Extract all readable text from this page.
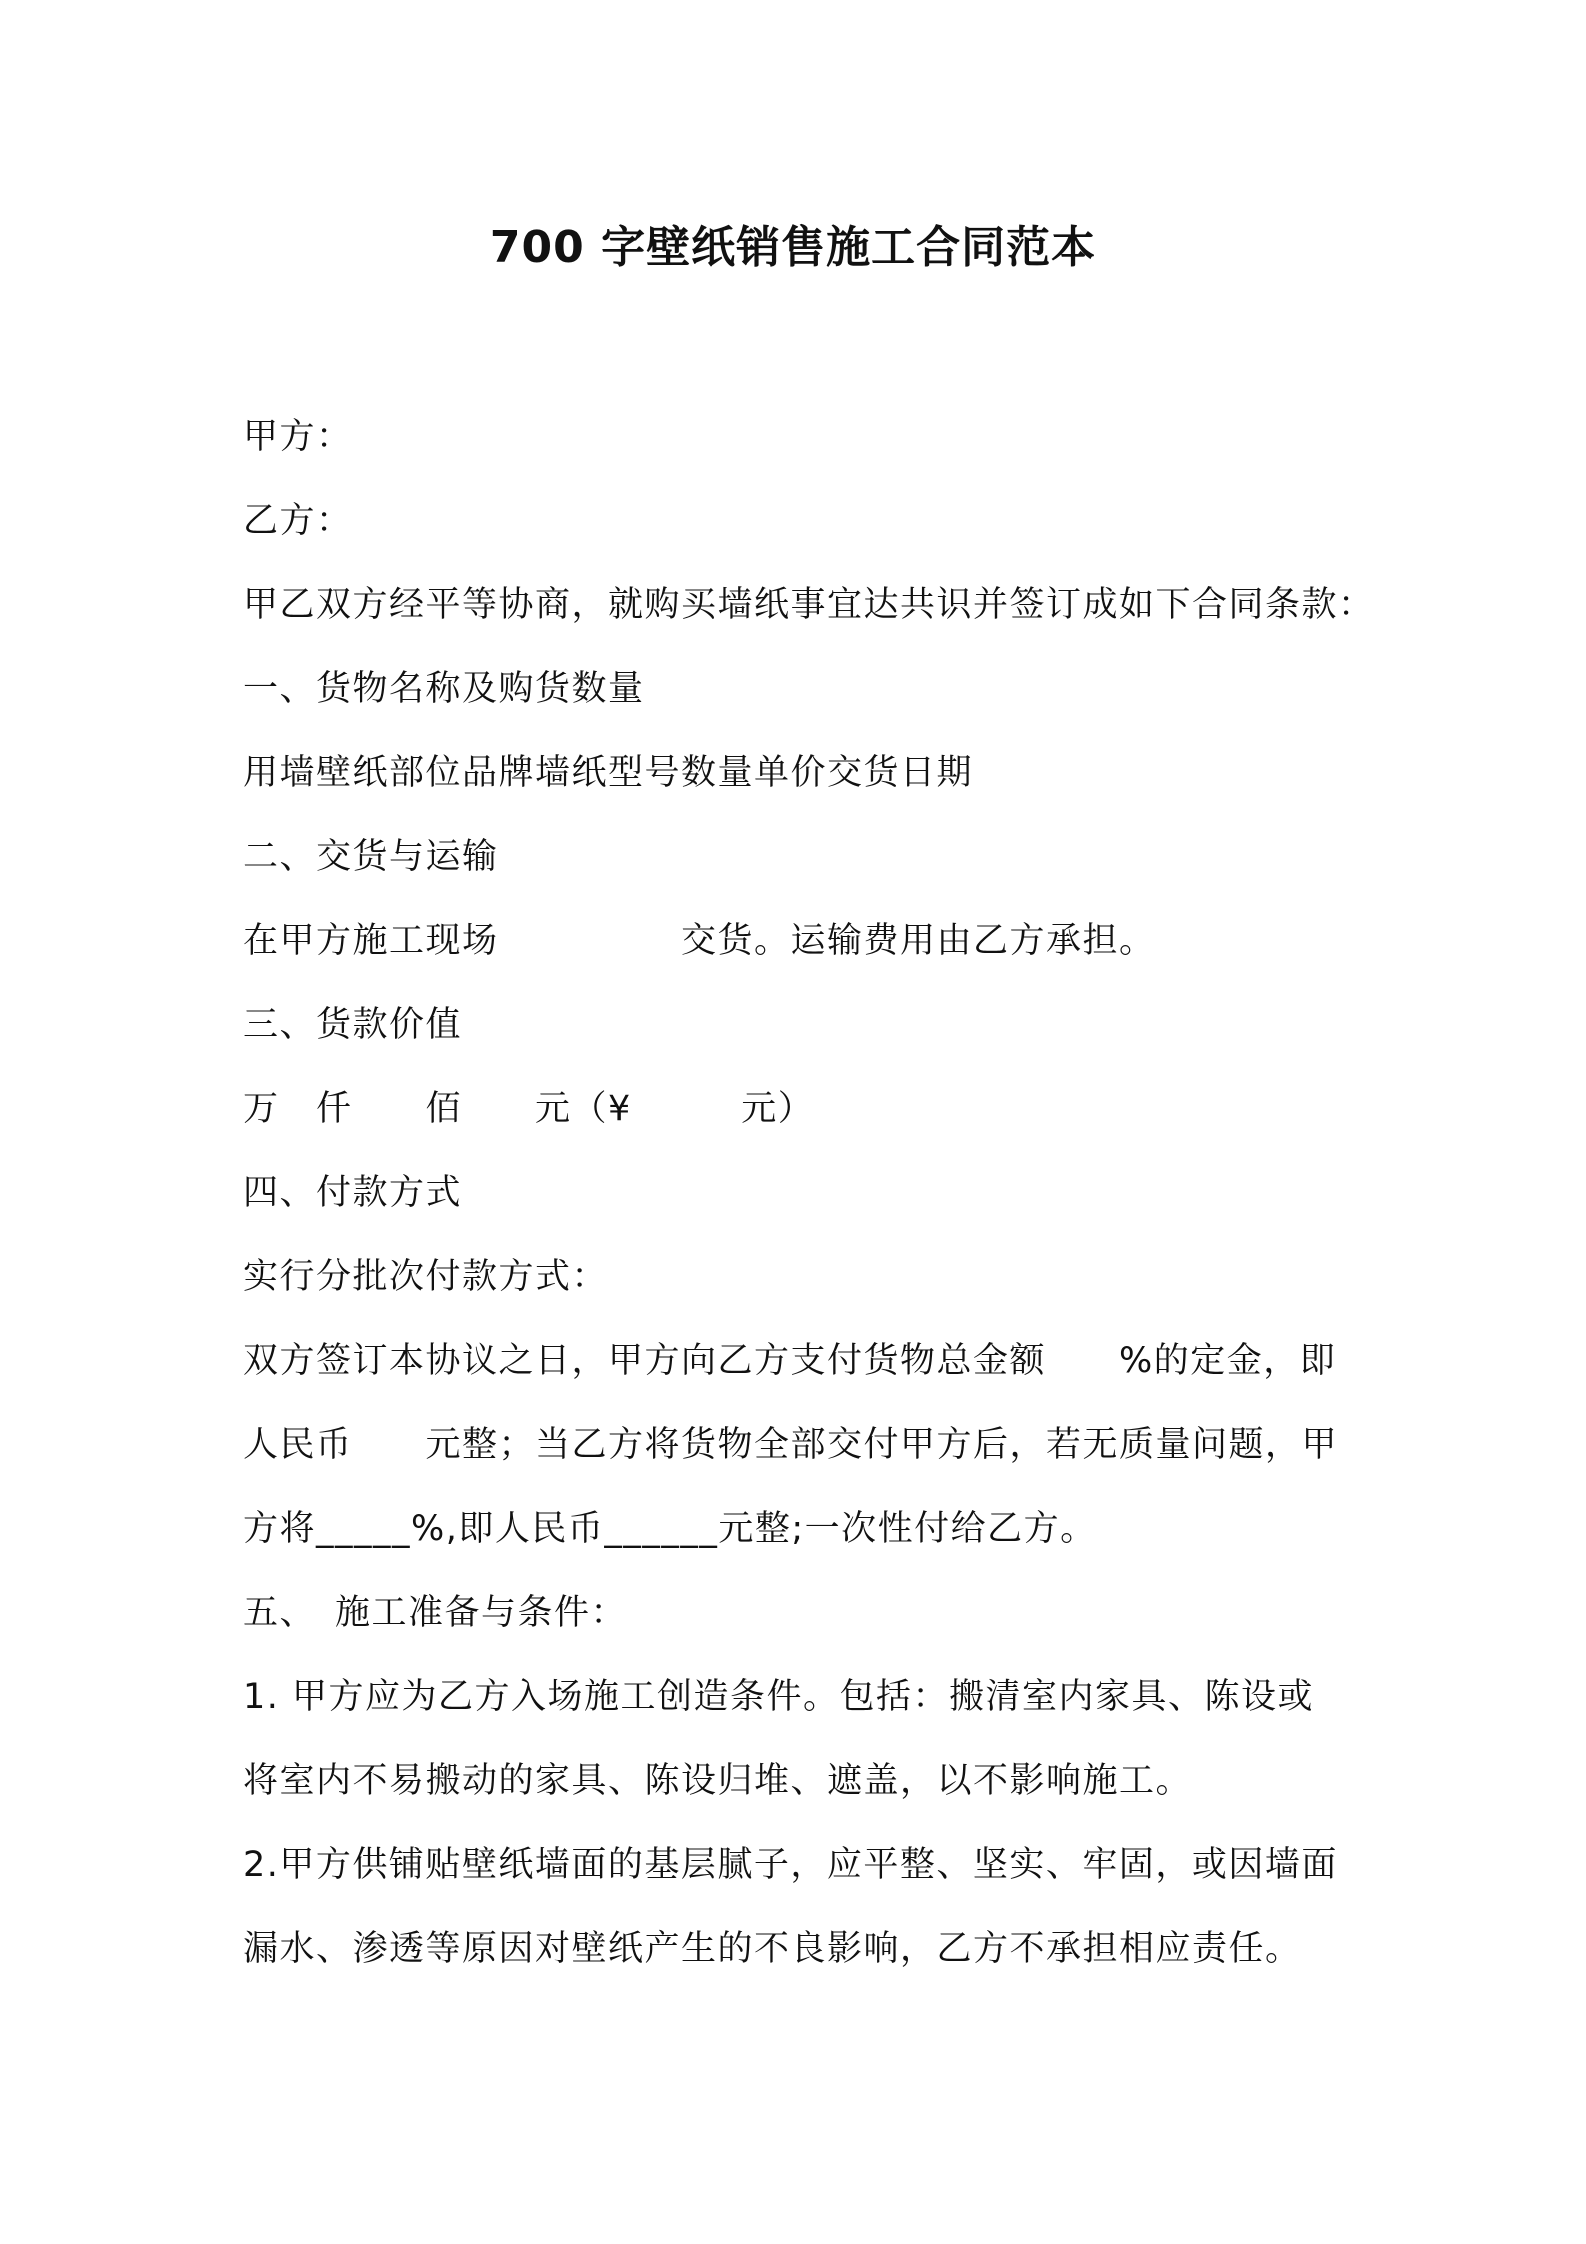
700 字壁纸销售施工合同范本
甲方：
乙方：
甲乙双方经平等协商，就购买墙纸事宜达共识并签订成如下合同条款：
一、货物名称及购货数量
用墙壁纸部位品牌墙纸型号数量单价交货日期
二、交货与运输
在甲方施工现场　　　　　交货。运输费用由乙方承担。
三、货款价值
万　仟　　佰　　元（¥　　　元）
四、付款方式
实行分批次付款方式：
双方签订本协议之日，甲方向乙方支付货物总金额　　%的定金，即
人民币　　元整；当乙方将货物全部交付甲方后，若无质量问题，甲
方将_____%,即人民币______元整;一次性付给乙方。
五、　施工准备与条件：
1. 甲方应为乙方入场施工创造条件。包括：搬清室内家具、陈设或
将室内不易搬动的家具、陈设归堆、遮盖，以不影响施工。
2.甲方供铺贴壁纸墙面的基层腻子，应平整、坚实、牢固，或因墙面
漏水、渗透等原因对壁纸产生的不良影响，乙方不承担相应责任。
